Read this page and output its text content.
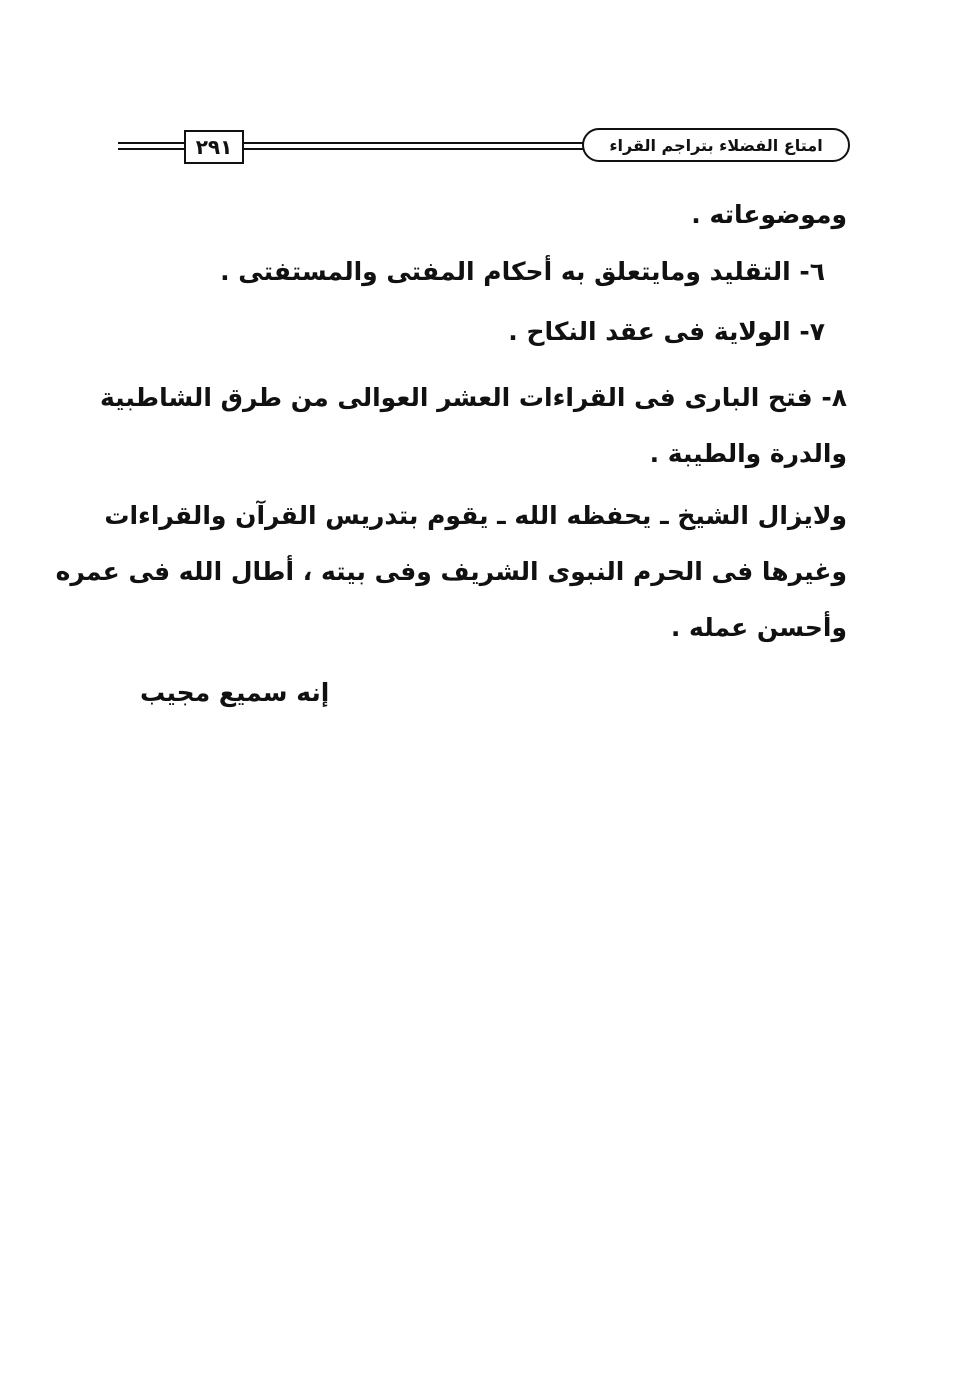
٢٩١	امتاع الفضلاء بتراجم القراء
وموضوعاته .
٦- التقليد ومايتعلق به أحكام المفتى والمستفتى .
٧- الولاية فى عقد النكاح .
٨- فتح البارى فى القراءات العشر العوالى من طرق الشاطبية
والدرة والطيبة .
ولايزال الشيخ ـ يحفظه الله ـ يقوم بتدريس القرآن والقراءات
وغيرها فى الحرم النبوى الشريف وفى بيته ، أطال الله فى عمره
وأحسن عمله .
إنه سميع مجيب
